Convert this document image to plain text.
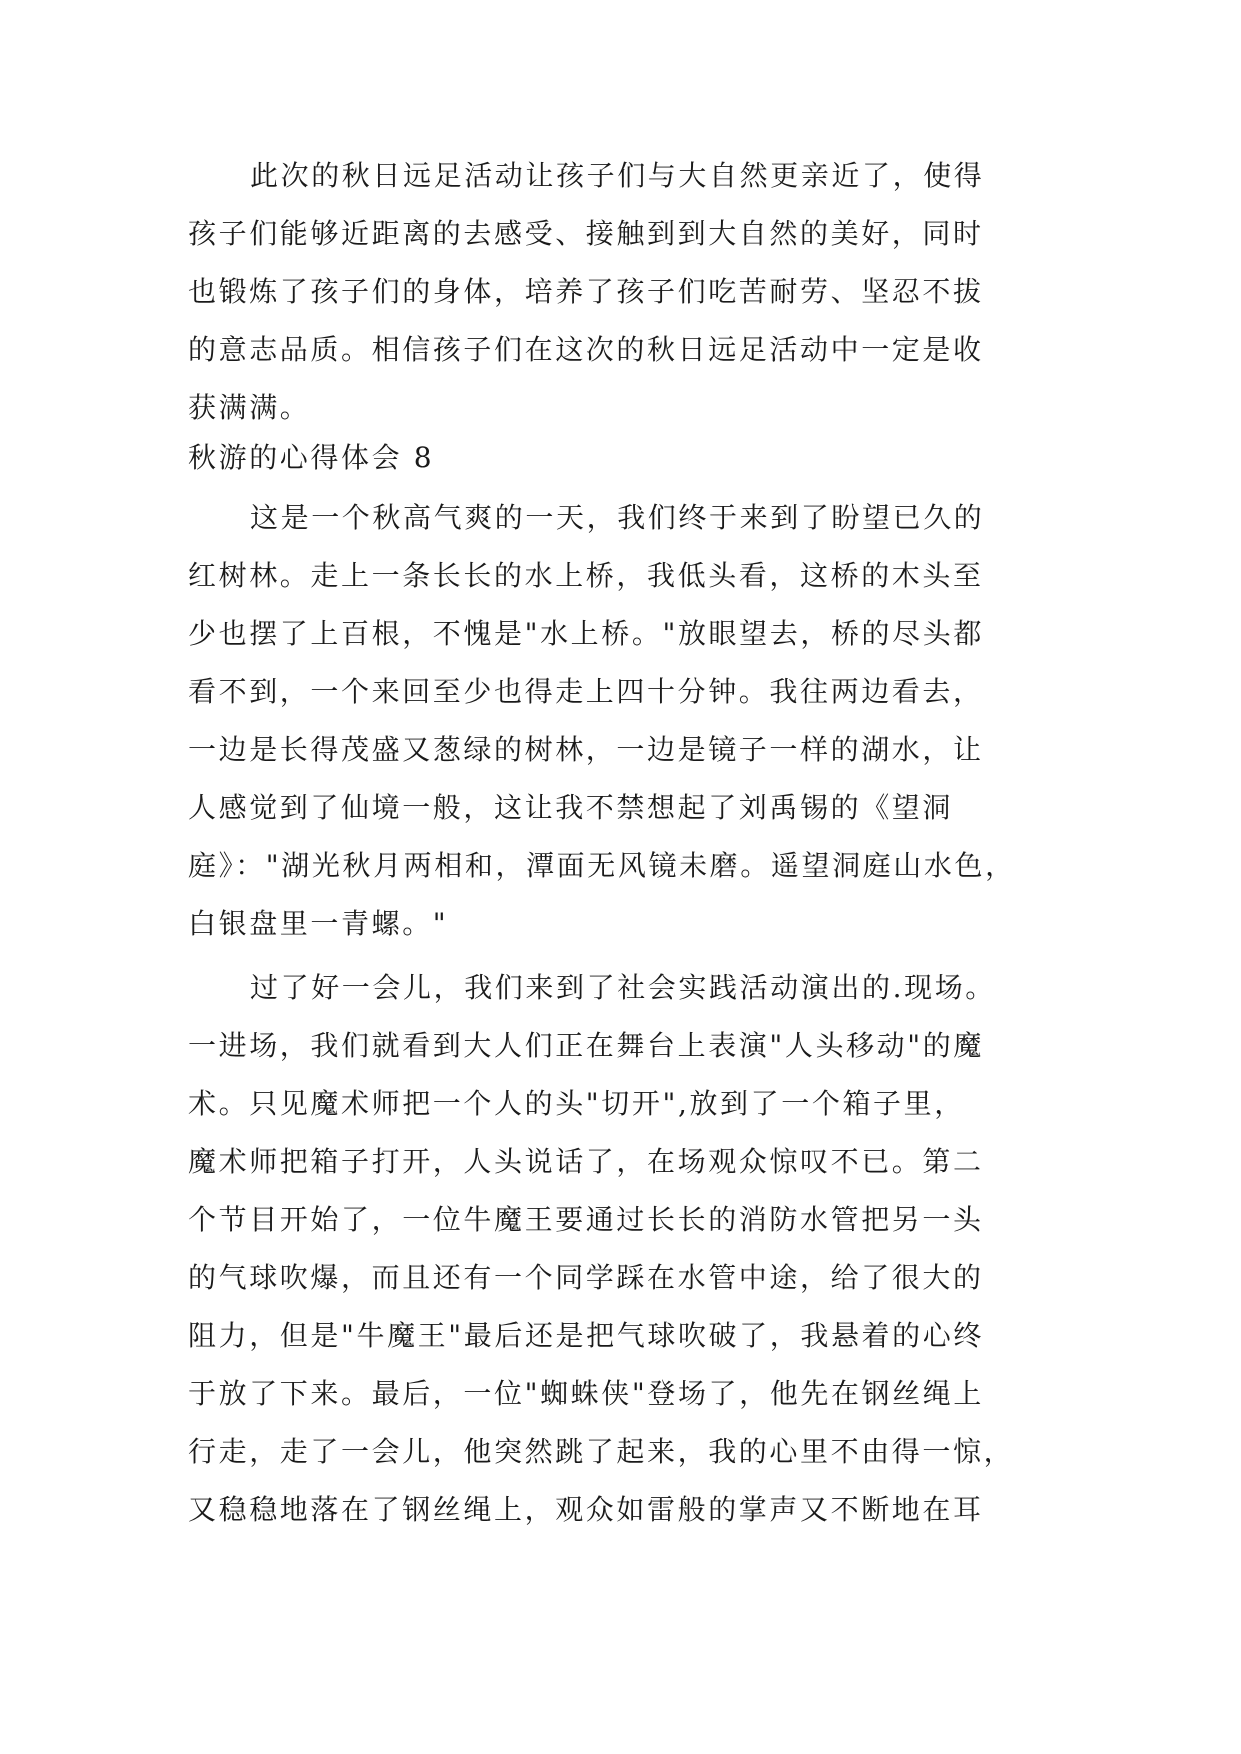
此次的秋日远足活动让孩子们与大自然更亲近了，使得
孩子们能够近距离的去感受、接触到到大自然的美好，同时
也锻炼了孩子们的身体，培养了孩子们吃苦耐劳、坚忍不拔
的意志品质。相信孩子们在这次的秋日远足活动中一定是收
获满满。
秋游的心得体会 8
这是一个秋高气爽的一天，我们终于来到了盼望已久的
红树林。走上一条长长的水上桥，我低头看，这桥的木头至
少也摆了上百根，不愧是"水上桥。"放眼望去，桥的尽头都
看不到，一个来回至少也得走上四十分钟。我往两边看去，
一边是长得茂盛又葱绿的树林，一边是镜子一样的湖水，让
人感觉到了仙境一般，这让我不禁想起了刘禹锡的《望洞
庭》："湖光秋月两相和，潭面无风镜未磨。遥望洞庭山水色，
白银盘里一青螺。"
过了好一会儿，我们来到了社会实践活动演出的.现场。
一进场，我们就看到大人们正在舞台上表演"人头移动"的魔
术。只见魔术师把一个人的头"切开",放到了一个箱子里，
魔术师把箱子打开，人头说话了，在场观众惊叹不已。第二
个节目开始了，一位牛魔王要通过长长的消防水管把另一头
的气球吹爆，而且还有一个同学踩在水管中途，给了很大的
阻力，但是"牛魔王"最后还是把气球吹破了，我悬着的心终
于放了下来。最后，一位"蜘蛛侠"登场了，他先在钢丝绳上
行走，走了一会儿，他突然跳了起来，我的心里不由得一惊，
又稳稳地落在了钢丝绳上，观众如雷般的掌声又不断地在耳
